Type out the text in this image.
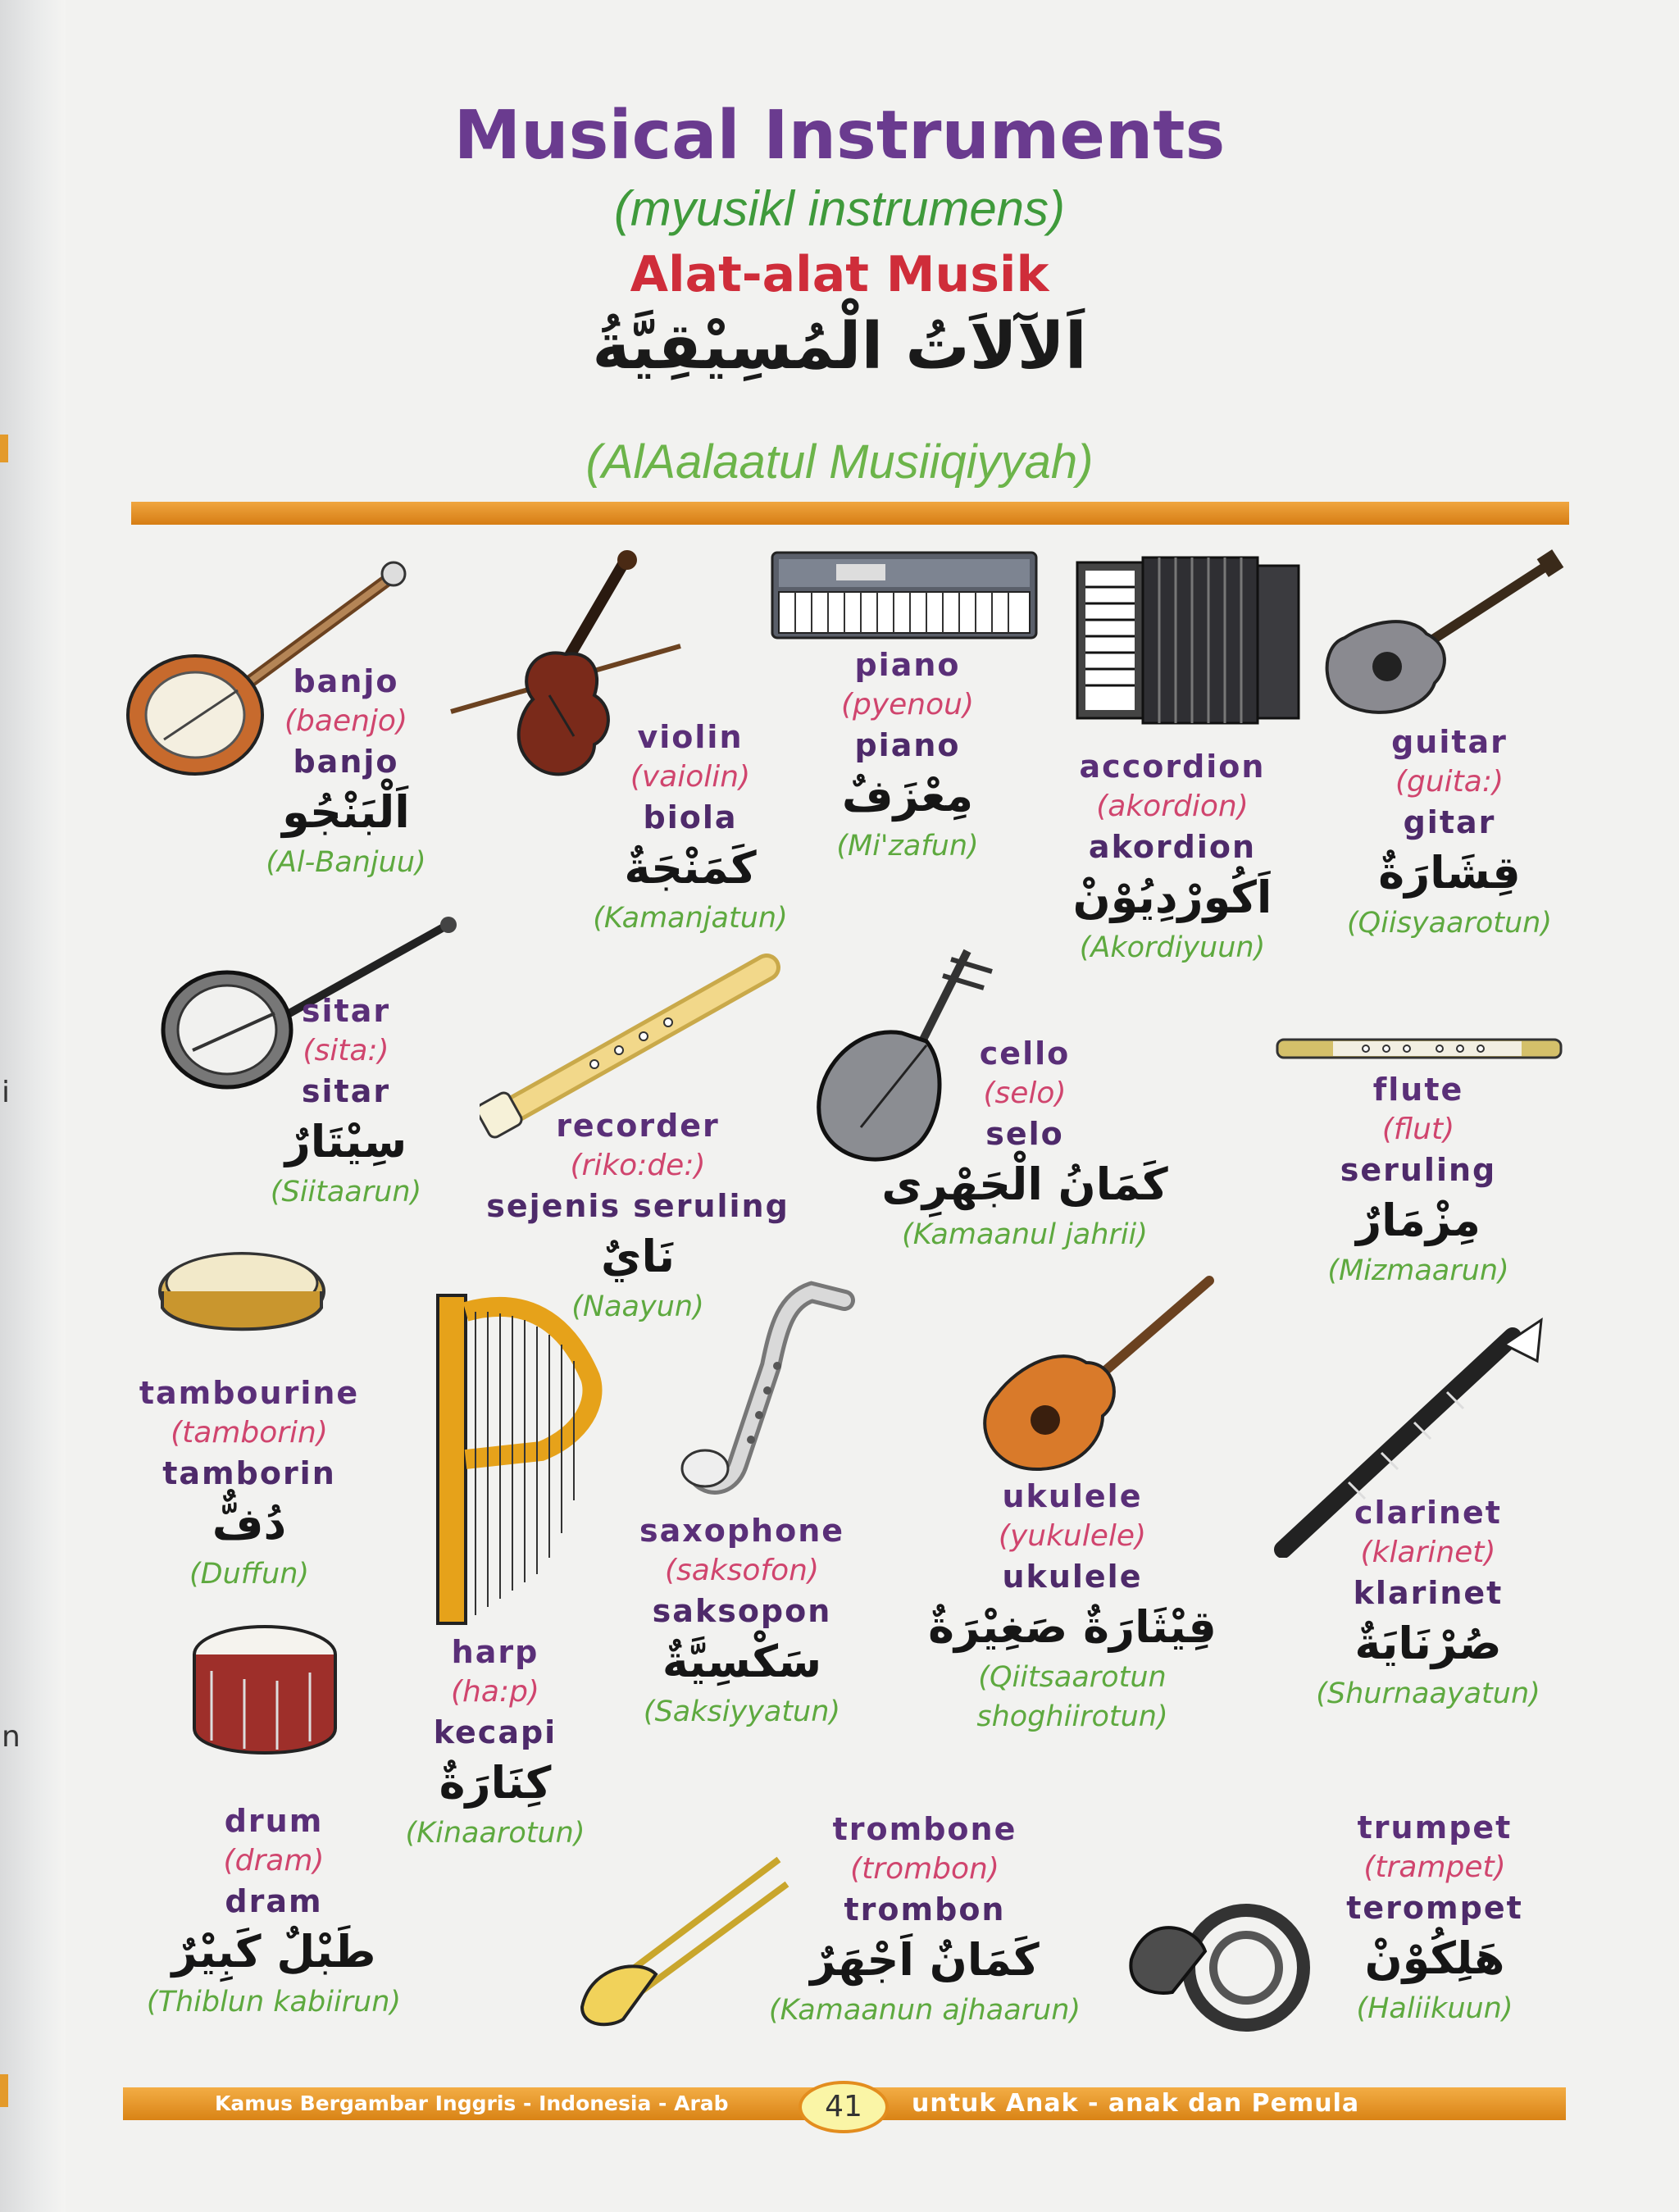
i
n
Musical Instruments
(myusikl instrumens)
Alat-alat Musik
اَلآلاَتُ الْمُسِيْقِيَّةُ
(AlAalaatul Musiiqiyyah)
banjo
(baenjo)
banjo
اَلْبَنْجُو
(Al-Banjuu)
violin
(vaiolin)
biola
كَمَنْجَةٌ
(Kamanjatun)
piano
(pyenou)
piano
مِعْزَفٌ
(Mi'zafun)
accordion
(akordion)
akordion
اَكُورْدِيُوْنْ
(Akordiyuun)
guitar
(guita:)
gitar
قِشَارَةٌ
(Qiisyaarotun)
sitar
(sita:)
sitar
سِيْتَارٌ
(Siitaarun)
recorder
(riko:de:)
sejenis seruling
نَايٌ
(Naayun)
cello
(selo)
selo
كَمَانُ الْجَهْرِى
(Kamaanul jahrii)
flute
(flut)
seruling
مِزْمَارٌ
(Mizmaarun)
tambourine
(tamborin)
tamborin
دُفٌّ
(Duffun)
saxophone
(saksofon)
saksopon
سَكْسِيَّةٌ
(Saksiyyatun)
ukulele
(yukulele)
ukulele
قِيْثَارَةٌ صَغِيْرَةٌ
(Qiitsaarotun
shoghiirotun)
clarinet
(klarinet)
klarinet
صُرْنَايَةٌ
(Shurnaayatun)
harp
(ha:p)
kecapi
كِنَارَةٌ
(Kinaarotun)
drum
(dram)
dram
طَبْلٌ كَبِيْرٌ
(Thiblun kabiirun)
trombone
(trombon)
trombon
كَمَانٌ اَجْهَرٌ
(Kamaanun ajhaarun)
trumpet
(trampet)
terompet
هَلِكُوْنْ
(Haliikuun)
Kamus Bergambar Inggris - Indonesia - Arab	41	untuk Anak - anak dan Pemula
